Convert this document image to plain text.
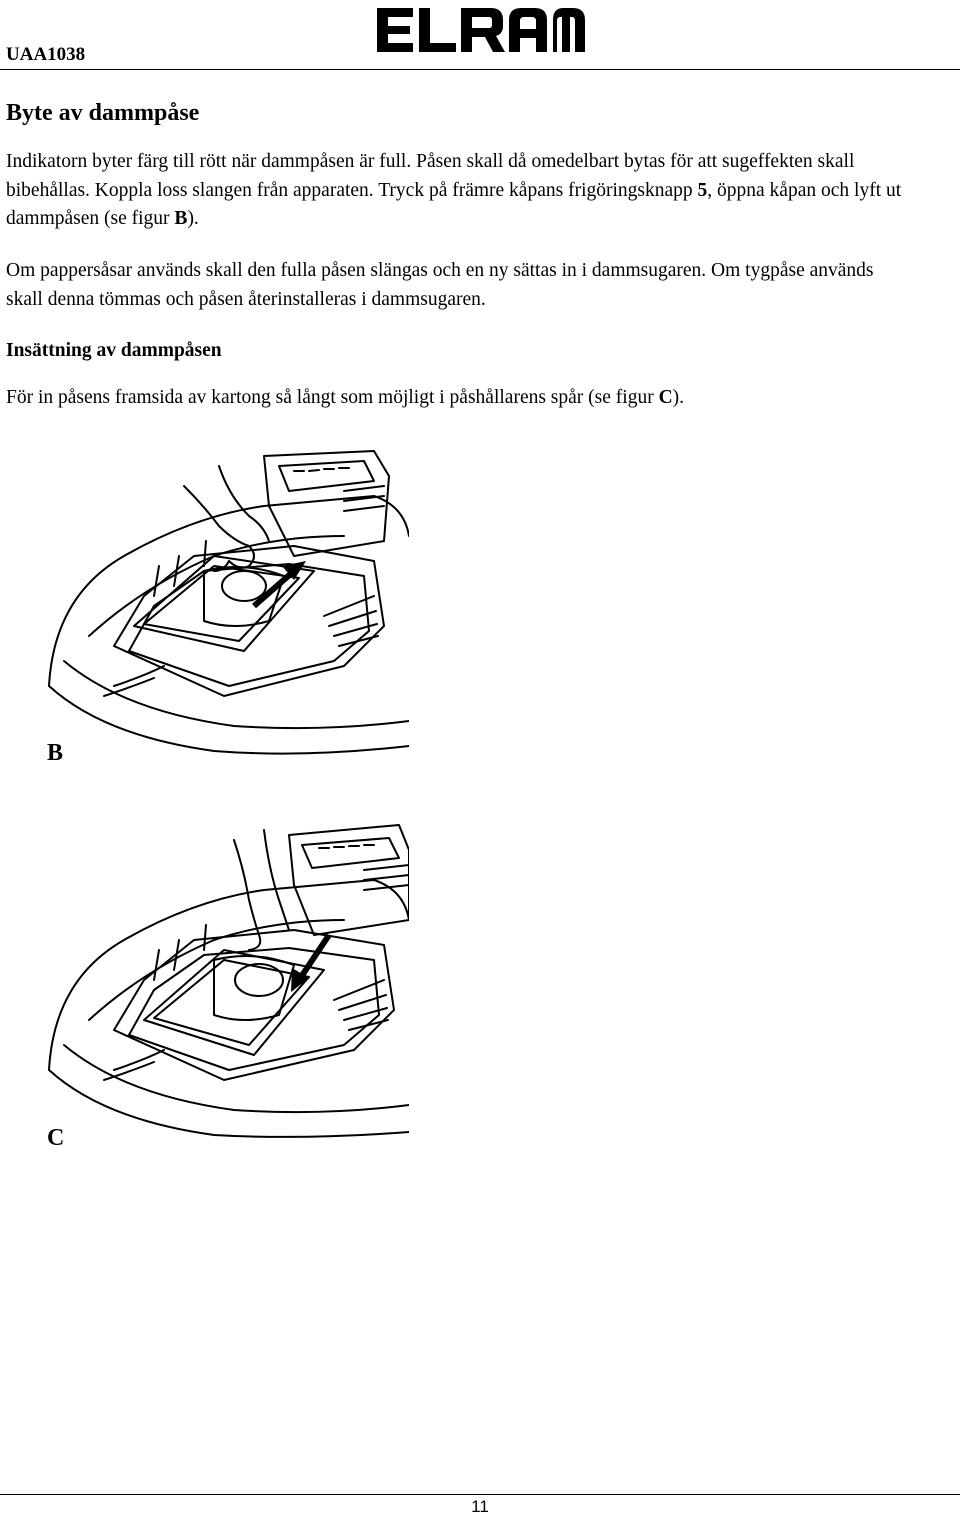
UAA1038
Byte av dammpåse

Indikatorn byter färg till rött när dammpåsen är full. Påsen skall då omedelbart bytas för att sugeffekten skall bibehållas. Koppla loss slangen från apparaten. Tryck på främre kåpans frigöringsknapp 5, öppna kåpan och lyft ut dammpåsen (se figur B).

Om pappersåsar används skall den fulla påsen slängas och en ny sättas in i dammsugaren. Om tygpåse används skall denna tömmas och påsen återinstalleras i dammsugaren.

Insättning av dammpåsen

För in påsens framsida av kartong så långt som möjligt i påshållarens spår (se figur C).

B
C
11
